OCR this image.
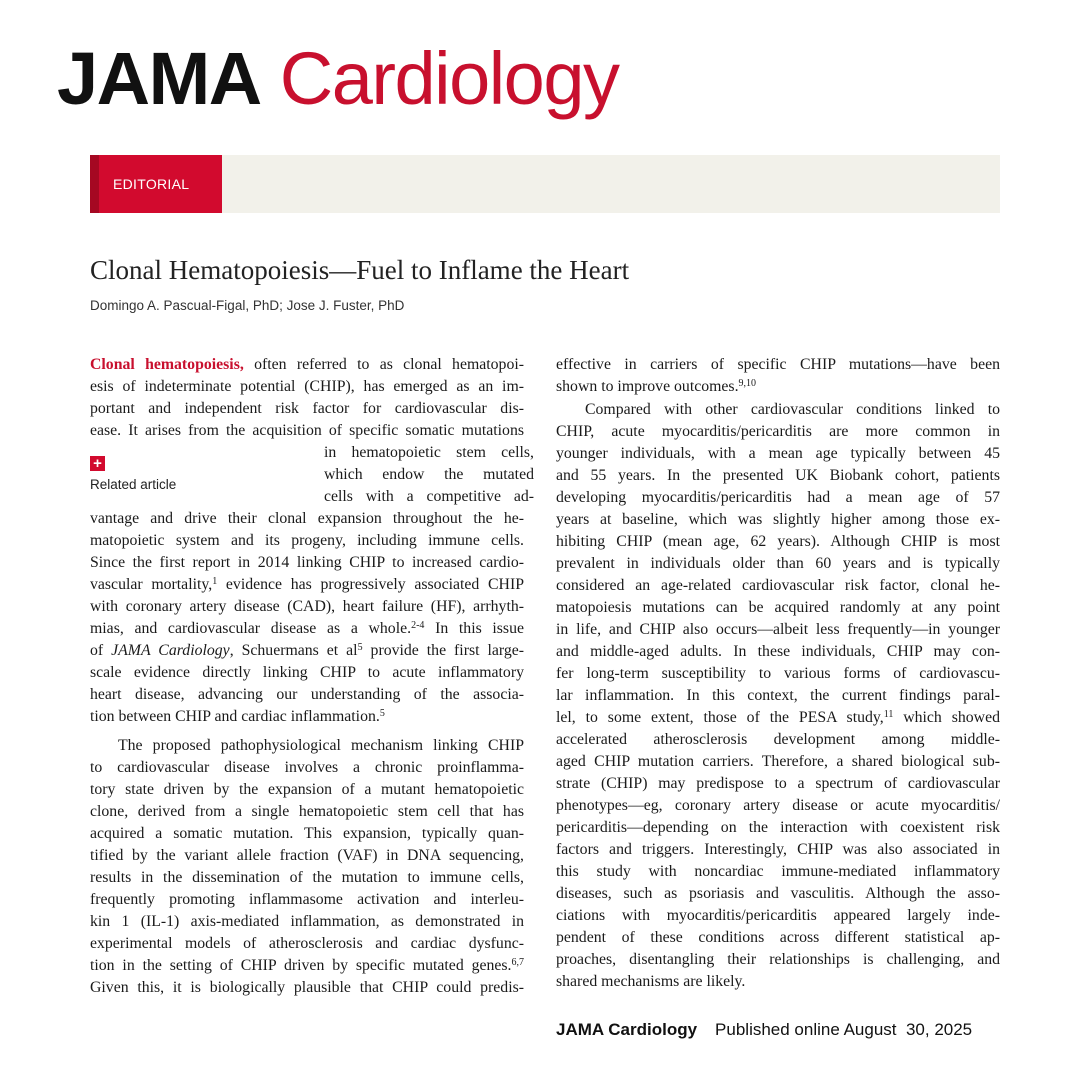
JAMA Cardiology
EDITORIAL
Clonal Hematopoiesis—Fuel to Inflame the Heart
Domingo A. Pascual-Figal, PhD; Jose J. Fuster, PhD
Clonal hematopoiesis, often referred to as clonal hematopoi-
esis of indeterminate potential (CHIP), has emerged as an im-
portant and independent risk factor for cardiovascular dis-
ease. It arises from the acquisition of specific somatic mutations
+
Related article
in hematopoietic stem cells,
which endow the mutated
cells with a competitive ad-
vantage and drive their clonal expansion throughout the he-
matopoietic system and its progeny, including immune cells.
Since the first report in 2014 linking CHIP to increased cardio-
vascular mortality,$^1$ evidence has progressively associated CHIP
with coronary artery disease (CAD), heart failure (HF), arrhyth-
mias, and cardiovascular disease as a whole.$^{2-4}$ In this issue
of JAMA Cardiology, Schuermans et $al^5$ provide the first large-
scale evidence directly linking CHIP to acute inflammatory
heart disease, advancing our understanding of the associa-
tion between CHIP and cardiac inflammation.$^5$
The proposed pathophysiological mechanism linking CHIP
to cardiovascular disease involves a chronic proinflamma-
tory state driven by the expansion of a mutant hematopoietic
clone, derived from a single hematopoietic stem cell that has
acquired a somatic mutation. This expansion, typically quan-
tified by the variant allele fraction (VAF) in DNA sequencing,
results in the dissemination of the mutation to immune cells,
frequently promoting inflammasome activation and interleu-
kin 1 (IL-1) axis-mediated inflammation, as demonstrated in
experimental models of atherosclerosis and cardiac dysfunc-
tion in the setting of CHIP driven by specific mutated genes.$^{6,7}$
Given this, it is biologically plausible that CHIP could predis-
effective in carriers of specific CHIP mutations—have been
shown to improve outcomes.$^{9,10}$
Compared with other cardiovascular conditions linked to
CHIP, acute myocarditis/pericarditis are more common in
younger individuals, with a mean age typically between 45
and 55 years. In the presented UK Biobank cohort, patients
developing myocarditis/pericarditis had a mean age of 57
years at baseline, which was slightly higher among those ex-
hibiting CHIP (mean age, 62 years). Although CHIP is most
prevalent in individuals older than 60 years and is typically
considered an age-related cardiovascular risk factor, clonal he-
matopoiesis mutations can be acquired randomly at any point
in life, and CHIP also occurs—albeit less frequently—in younger
and middle-aged adults. In these individuals, CHIP may con-
fer long-term susceptibility to various forms of cardiovascu-
lar inflammation. In this context, the current findings paral-
lel, to some extent, those of the PESA study,$^{11}$ which showed
accelerated atherosclerosis development among middle-
aged CHIP mutation carriers. Therefore, a shared biological sub-
strate (CHIP) may predispose to a spectrum of cardiovascular
phenotypes—eg, coronary artery disease or acute myocarditis/
pericarditis—depending on the interaction with coexistent risk
factors and triggers. Interestingly, CHIP was also associated in
this study with noncardiac immune-mediated inflammatory
diseases, such as psoriasis and vasculitis. Although the asso-
ciations with myocarditis/pericarditis appeared largely inde-
pendent of these conditions across different statistical ap-
proaches, disentangling their relationships is challenging, and
shared mechanisms are likely.
JAMA Cardiology Published online August  30, 2025
